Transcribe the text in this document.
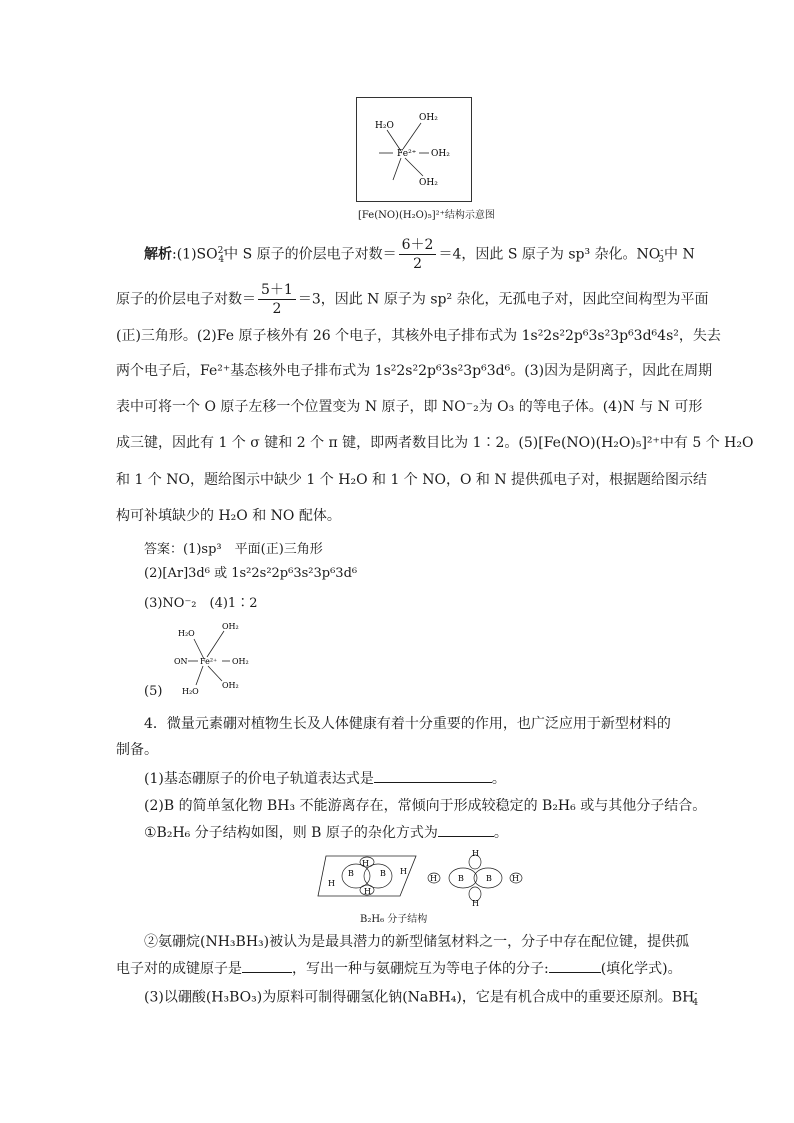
H₂O
OH₂
Fe²⁺ OH₂
OH₂
[Fe(NO)(H₂O)₅]²⁺结构示意图
解析$:(1)SO^{2-}_4$中 S 原子的价层电子对数＝ $\frac{6+2}{2} =4$，因此 S 原子为 sp³ 杂化。$NO^-_3$中 N
原子的价层电子对数＝ $\frac{5+1}{2} =3$，因此 N 原子为 sp² 杂化，无孤电子对，因此空间构型为平面
(正)三角形。(2)Fe 原子核外有 26 个电子，其核外电子排布式为 1s²2s²2p⁶3s²3p⁶3d⁶4s²，失去
两个电子后，Fe²⁺基态核外电子排布式为 1s²2s²2p⁶3s²3p⁶3d⁶。(3)因为是阴离子，因此在周期
表中可将一个 O 原子左移一个位置变为 N 原子，即 NO⁻₂为 O₃ 的等电子体。(4)N 与 N 可形
成三键，因此有 1 个 σ 键和 2 个 π 键，即两者数目比为 1∶2。(5)[Fe(NO)(H₂O)₅]²⁺中有 5 个 H₂O
和 1 个 NO，题给图示中缺少 1 个 H₂O 和 1 个 NO，O 和 N 提供孤电子对，根据题给图示结
构可补填缺少的 H₂O 和 NO 配体。
答案：(1)sp³　平面(正)三角形
(2)[Ar]3d⁶ 或 1s²2s²2p⁶3s²3p⁶3d⁶
(3)NO⁻₂　(4)1∶2
H₂O
OH₂
ON Fe²⁺ OH₂
H₂O
OH₂
(5)
4．微量元素硼对植物生长及人体健康有着十分重要的作用，也广泛应用于新型材料的
制备。
(1)基态硼原子的价电子轨道表达式是	。
(2)B 的简单氢化物 BH₃ 不能游离存在，常倾向于形成较稳定的 B₂H₆ 或与其他分子结合。
①B₂H₆ 分子结构如图，则 B 原子的杂化方式为	。
H
H
B	B H
H
H
B	B
H	H
H
B₂H₆ 分子结构
②氨硼烷(NH₃BH₃)被认为是最具潜力的新型储氢材料之一，分子中存在配位键，提供孤
电子对的成键原子是	，写出一种与氨硼烷互为等电子体的分子:	(填化学式)。
(3)以硼酸(H₃BO₃)为原料可制得硼氢化钠(NaBH₄)，它是有机合成中的重要还原剂。$BH^-_4$
